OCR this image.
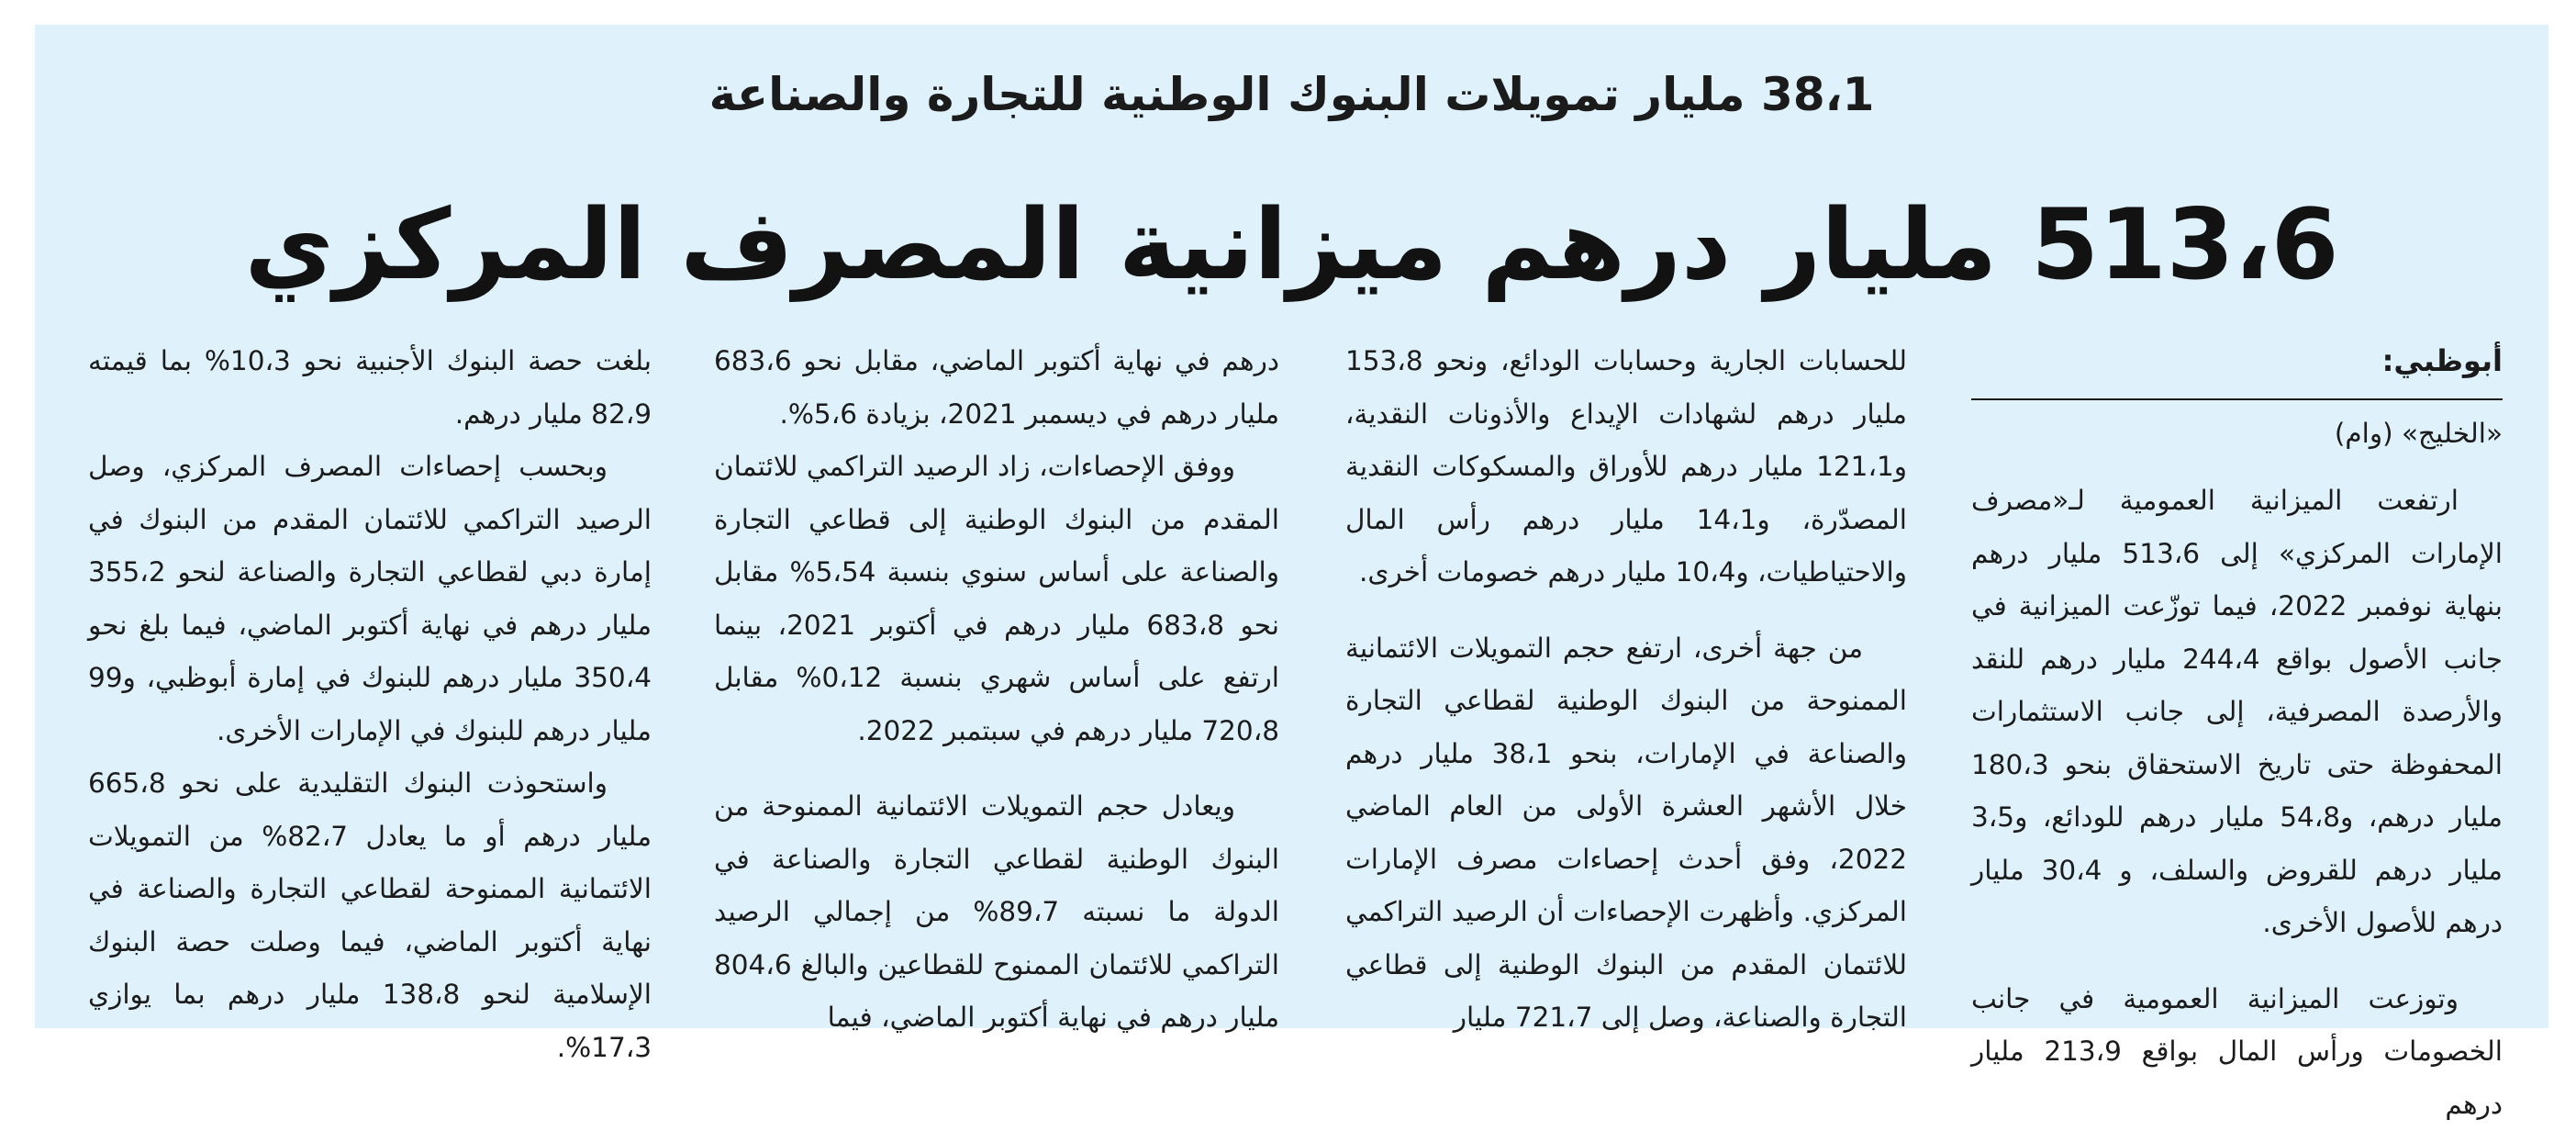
38،1 مليار تمويلات البنوك الوطنية للتجارة والصناعة
513،6 مليار درهم ميزانية المصرف المركزي
أبوظبي:
«الخليج» (وام)

ارتفعت الميزانية العمومية لـ«مصرف الإمارات المركزي» إلى 513،6 مليار درهم بنهاية نوفمبر 2022، فيما توزّعت الميزانية في جانب الأصول بواقع 244،4 مليار درهم للنقد والأرصدة المصرفية، إلى جانب الاستثمارات المحفوظة حتى تاريخ الاستحقاق بنحو 180،3 مليار درهم، و54،8 مليار درهم للودائع، و3،5 مليار درهم للقروض والسلف، و 30،4 مليار درهم للأصول الأخرى.

وتوزعت الميزانية العمومية في جانب الخصومات ورأس المال بواقع 213،9 مليار درهم

للحسابات الجارية وحسابات الودائع، ونحو 153،8 مليار درهم لشهادات الإيداع والأذونات النقدية، و121،1 مليار درهم للأوراق والمسكوكات النقدية المصدّرة، و14،1 مليار درهم رأس المال والاحتياطيات، و10،4 مليار درهم خصومات أخرى.

من جهة أخرى، ارتفع حجم التمويلات الائتمانية الممنوحة من البنوك الوطنية لقطاعي التجارة والصناعة في الإمارات، بنحو 38،1 مليار درهم خلال الأشهر العشرة الأولى من العام الماضي 2022، وفق أحدث إحصاءات مصرف الإمارات المركزي. وأظهرت الإحصاءات أن الرصيد التراكمي للائتمان المقدم من البنوك الوطنية إلى قطاعي التجارة والصناعة، وصل إلى 721،7 مليار

درهم في نهاية أكتوبر الماضي، مقابل نحو 683،6 مليار درهم في ديسمبر 2021، بزيادة 5،6%.

ووفق الإحصاءات، زاد الرصيد التراكمي للائتمان المقدم من البنوك الوطنية إلى قطاعي التجارة والصناعة على أساس سنوي بنسبة 5،54% مقابل نحو 683،8 مليار درهم في أكتوبر 2021، بينما ارتفع على أساس شهري بنسبة 0،12% مقابل 720،8 مليار درهم في سبتمبر 2022.

ويعادل حجم التمويلات الائتمانية الممنوحة من البنوك الوطنية لقطاعي التجارة والصناعة في الدولة ما نسبته 89،7% من إجمالي الرصيد التراكمي للائتمان الممنوح للقطاعين والبالغ 804،6 مليار درهم في نهاية أكتوبر الماضي، فيما

بلغت حصة البنوك الأجنبية نحو 10،3% بما قيمته 82،9 مليار درهم.

وبحسب إحصاءات المصرف المركزي، وصل الرصيد التراكمي للائتمان المقدم من البنوك في إمارة دبي لقطاعي التجارة والصناعة لنحو 355،2 مليار درهم في نهاية أكتوبر الماضي، فيما بلغ نحو 350،4 مليار درهم للبنوك في إمارة أبوظبي، و99 مليار درهم للبنوك في الإمارات الأخرى.

واستحوذت البنوك التقليدية على نحو 665،8 مليار درهم أو ما يعادل 82،7% من التمويلات الائتمانية الممنوحة لقطاعي التجارة والصناعة في نهاية أكتوبر الماضي، فيما وصلت حصة البنوك الإسلامية لنحو 138،8 مليار درهم بما يوازي 17،3%.
